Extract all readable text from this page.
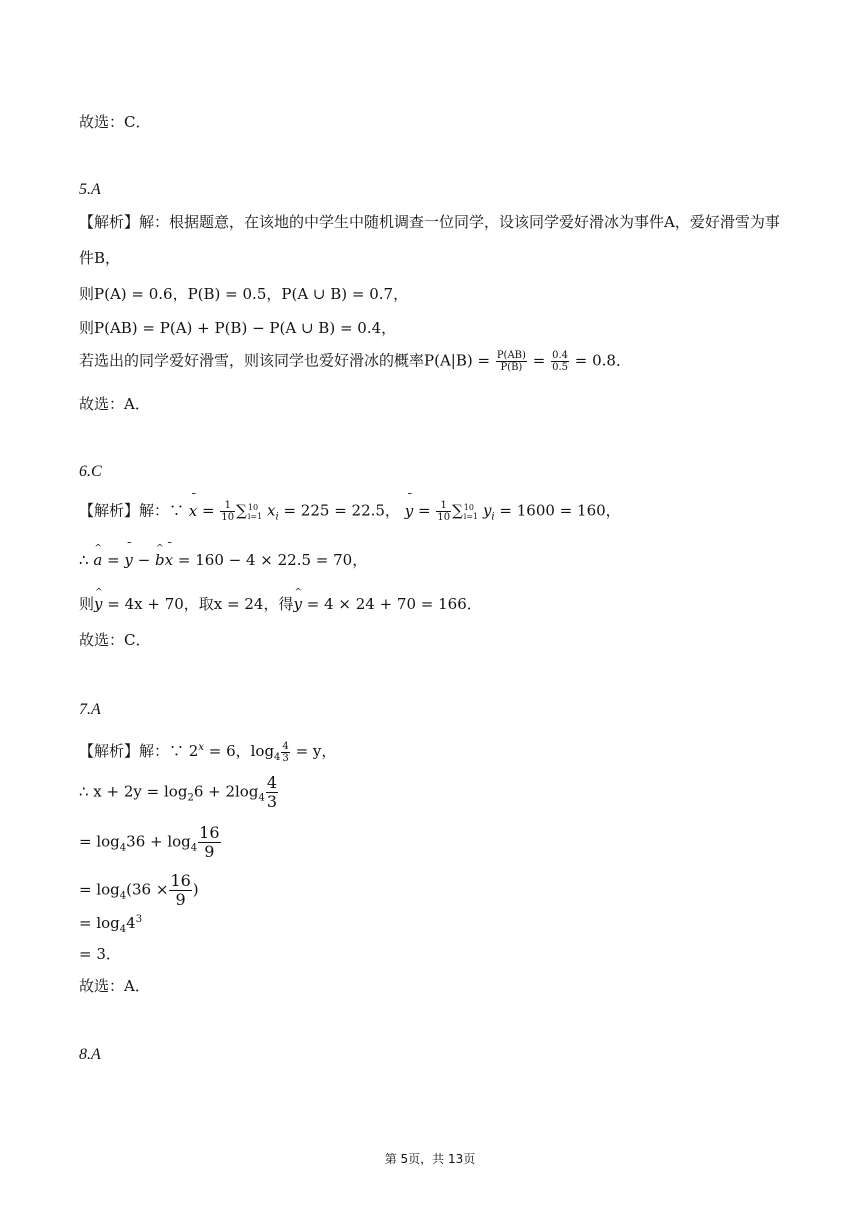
故选：C．
5.A
【解析】解：根据题意，在该地的中学生中随机调查一位同学，设该同学爱好滑冰为事件A，爱好滑雪为事
件B，
则P(A) = 0.6，P(B) = 0.5，P(A ∪ B) = 0.7，
则P(AB) = P(A) + P(B) − P(A ∪ B) = 0.4，
若选出的同学爱好滑雪，则该同学也爱好滑冰的概率$P(A|B) = \frac{P(AB)}{P(B)} = \frac{0.4}{0.5} = 0.8$．
故选：A．
6.C
【解析】解：∵ ¯ $x = \frac{1}{10}$ ∑ 10
i=1 $x_i = 225 = 22.5$， ¯ $y = \frac{1}{10}$ ∑ 10
i=1 $y_i = 1600 = 160$，
∴ ^ a = ¯ y − ^ b¯ x = 160 − 4 × 22.5 = 70，
则^ y = 4x + 70，取x = 24，得^ y = 4 × 24 + 70 = 166．
故选：C．
7.A
【解析】解：∵ $2^x = 6$，$\log_4 \frac{4}{3} = y$，
∴ $x + 2y = \log_26 + 2\log_4 \frac{4}{3}$
= $\log_436 + \log_4 \frac{16}{9}$
= $\log_4(36 \times \frac{16}{9}$ )
= $\log_44^3$
= 3．
故选：A．
8.A
第 5页，共 13页
